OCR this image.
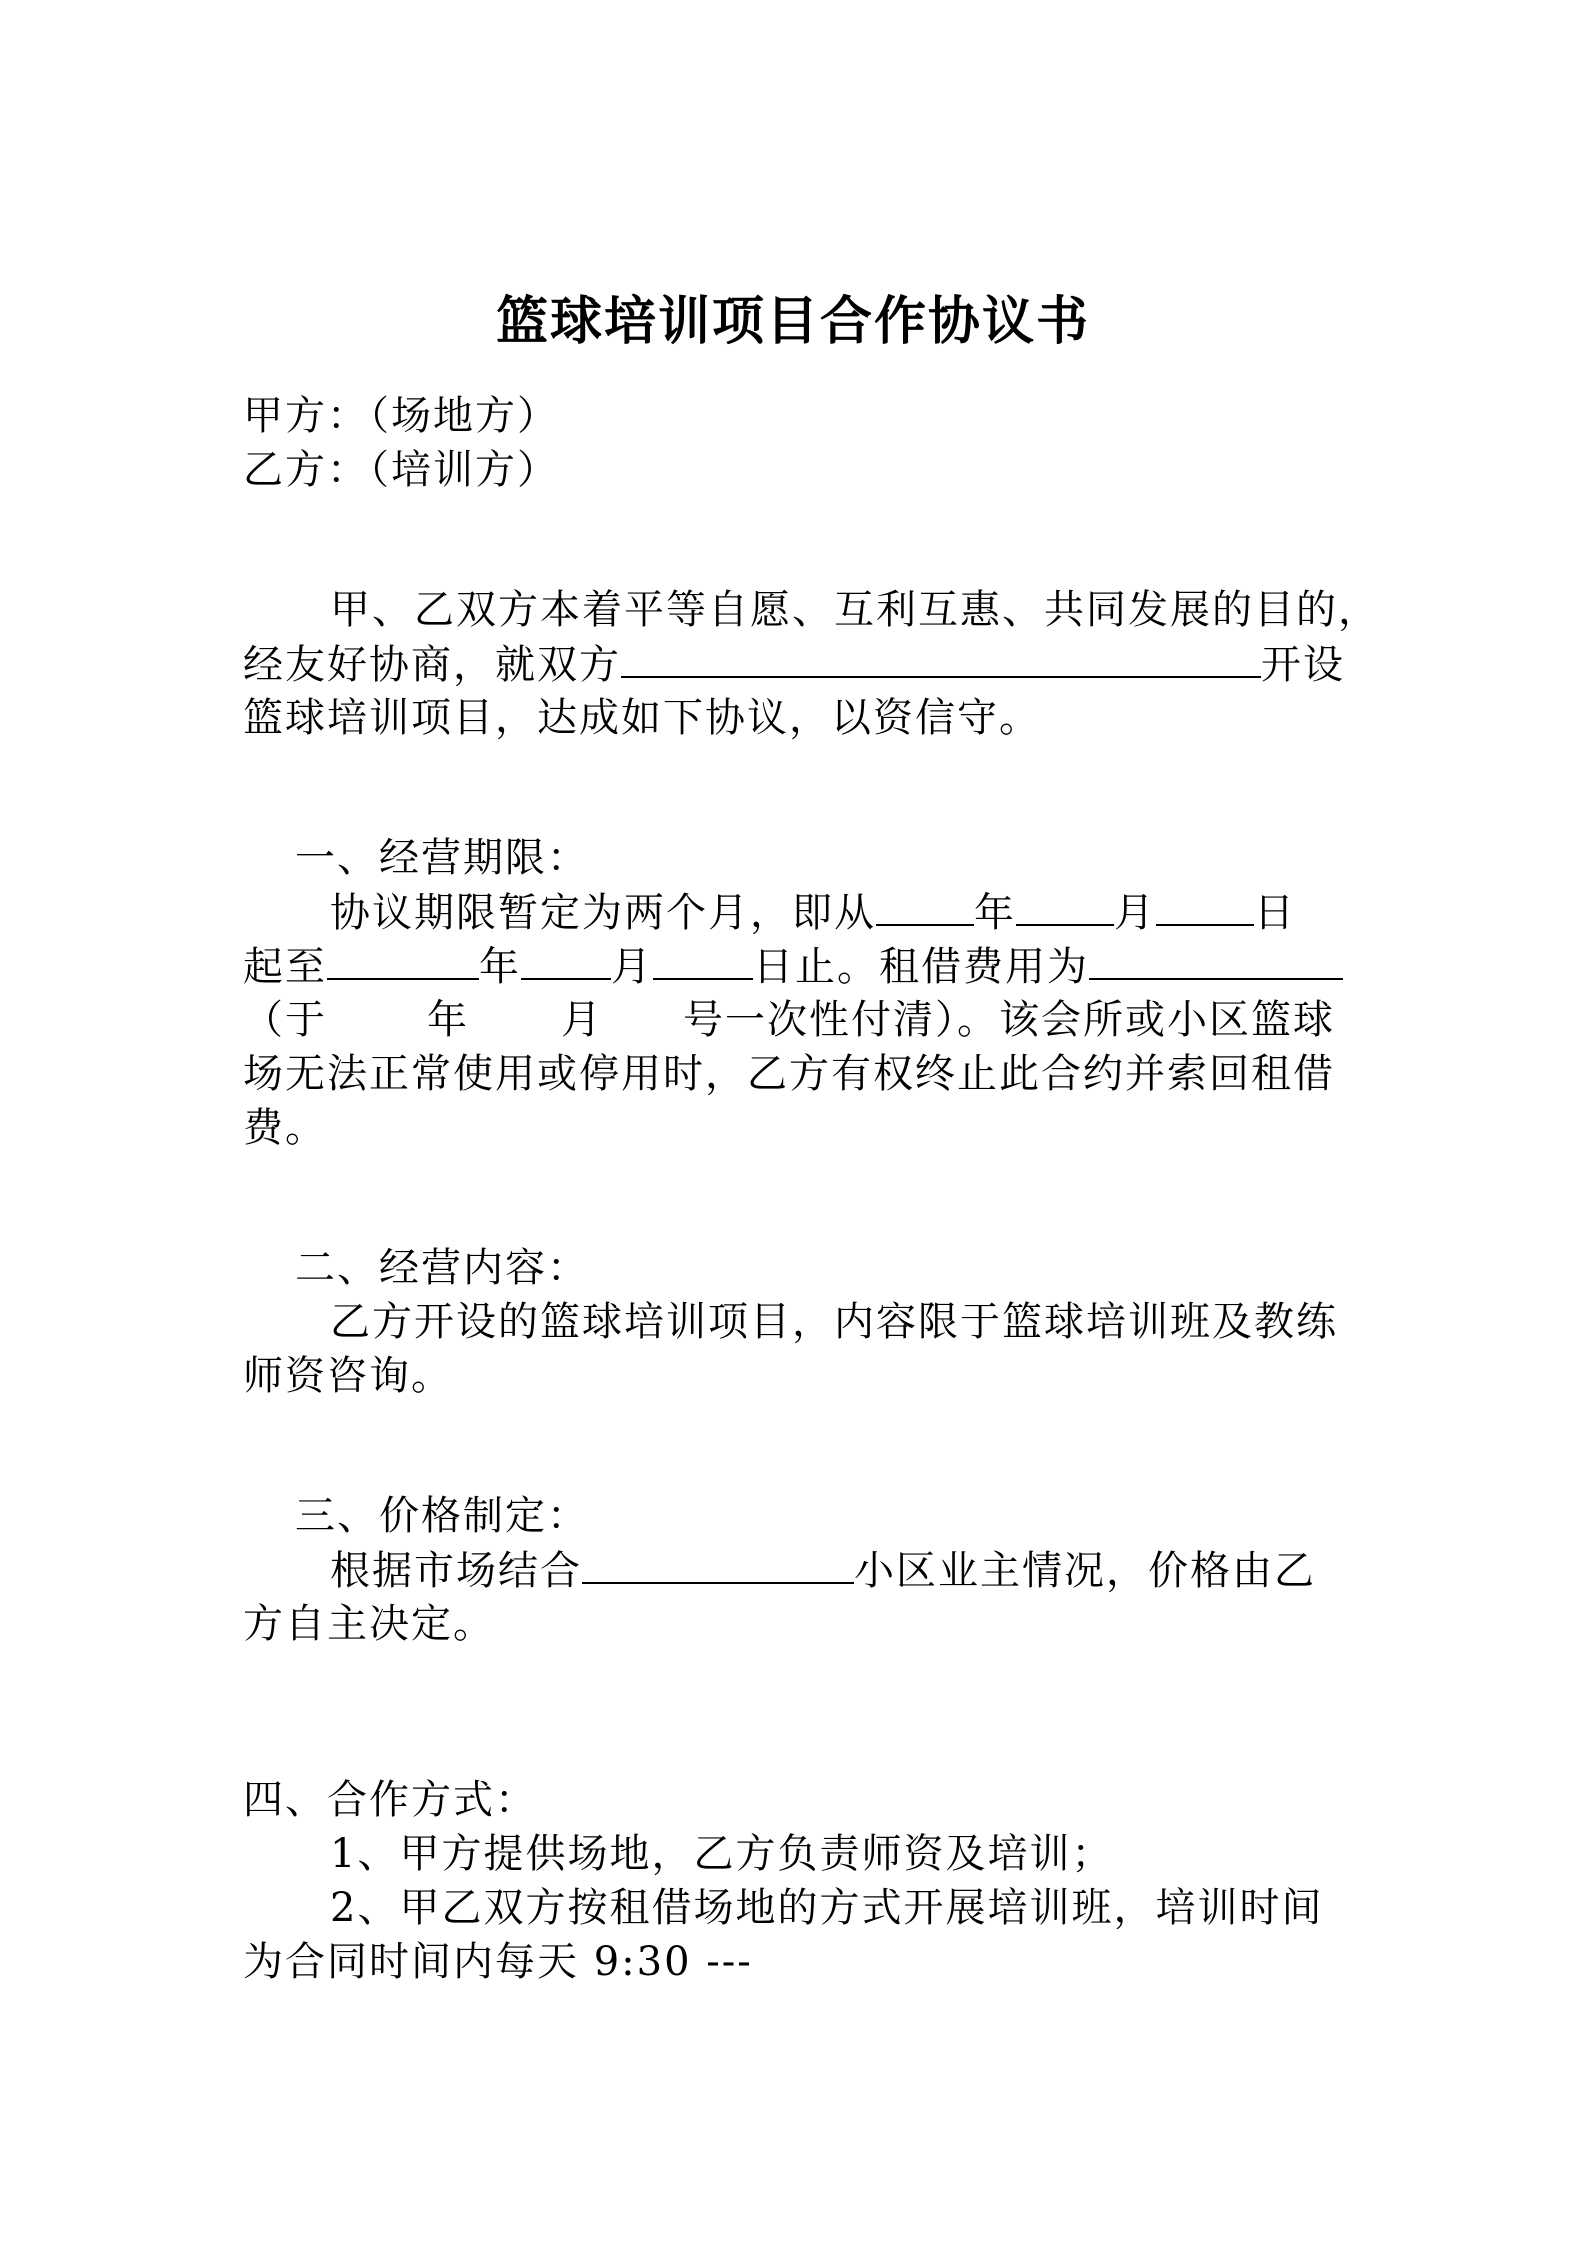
篮球培训项目合作协议书
甲方：（场地方）
乙方：（培训方）
甲、乙双方本着平等自愿、互利互惠、共同发展的目的，
经友好协商，就双方	开设
篮球培训项目，达成如下协议，以资信守。
一、经营期限：
协议期限暂定为两个月，即从 年 月 日
起至	年 月	日止。租借费用为
（于	年 月 号一次性付清）。该会所或小区篮球
场无法正常使用或停用时，乙方有权终止此合约并索回租借
费。
二、经营内容：
乙方开设的篮球培训项目，内容限于篮球培训班及教练
师资咨询。
三、价格制定：
根据市场结合	小区业主情况，价格由乙
方自主决定。
四、合作方式：
1、甲方提供场地，乙方负责师资及培训；
2、甲乙双方按租借场地的方式开展培训班，培训时间
为合同时间内每天 9:30 ---
